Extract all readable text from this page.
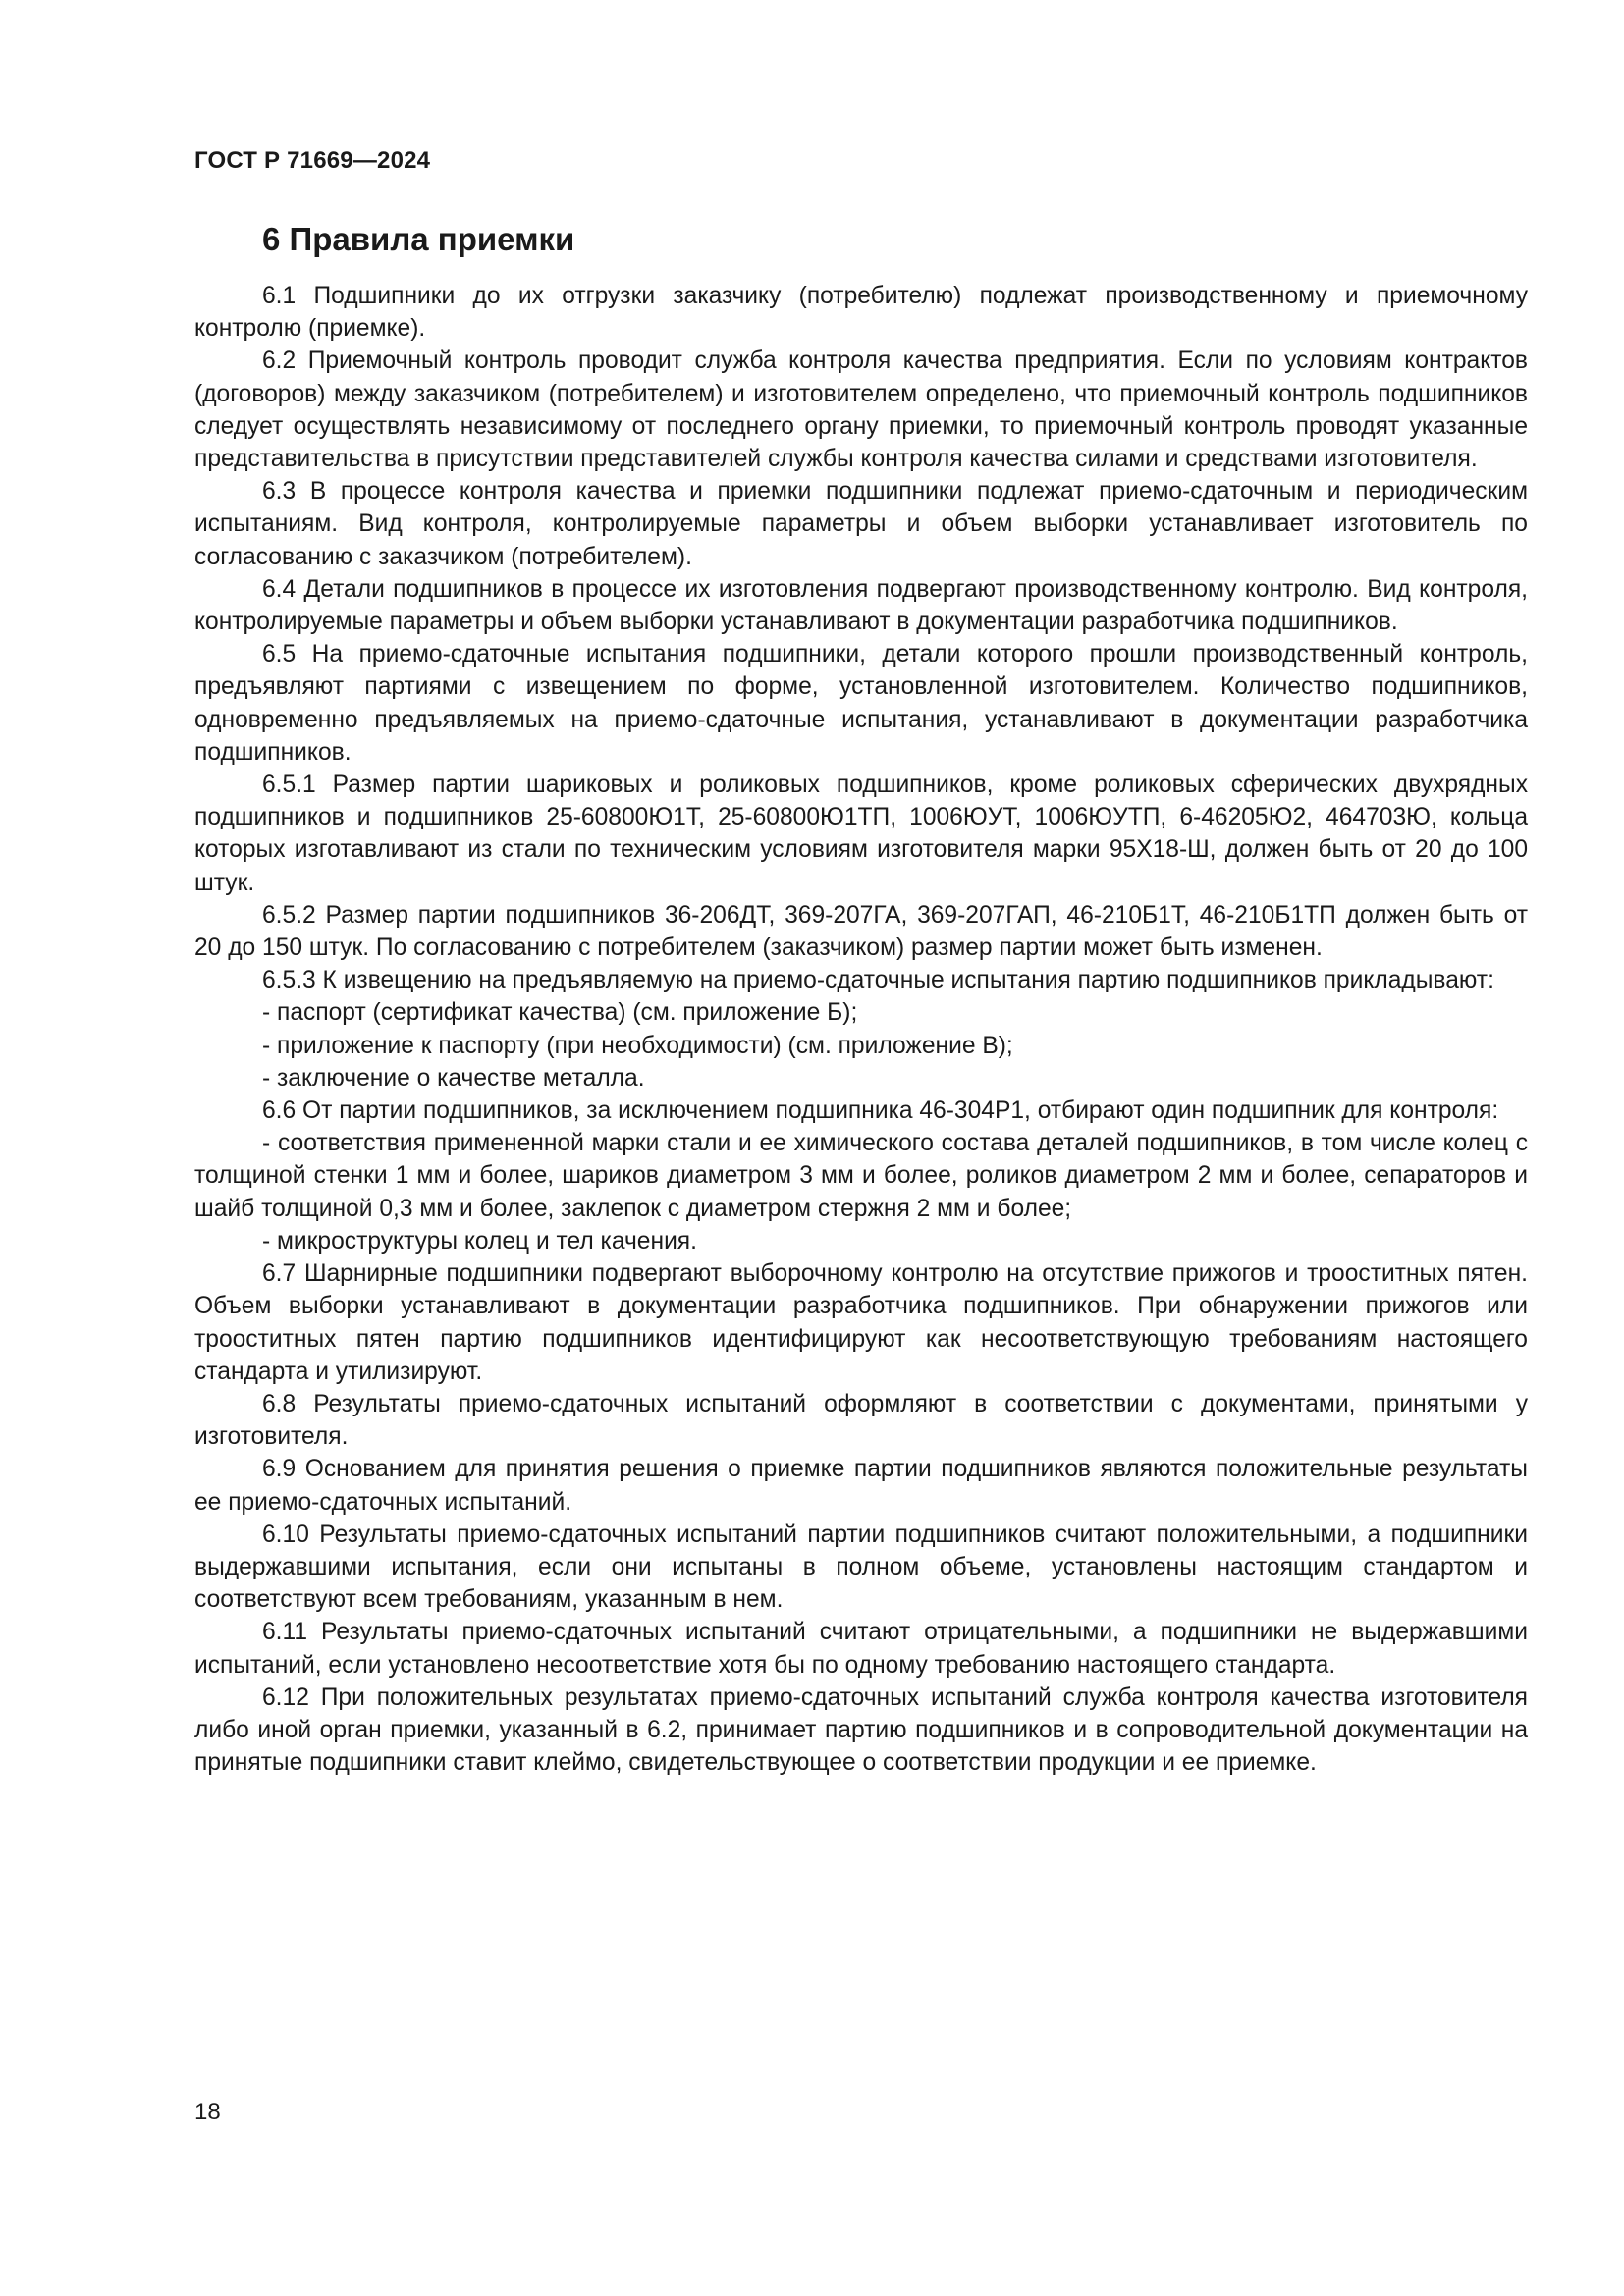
ГОСТ Р 71669—2024
6 Правила приемки

6.1 Подшипники до их отгрузки заказчику (потребителю) подлежат производственному и приемочному контролю (приемке).

6.2 Приемочный контроль проводит служба контроля качества предприятия. Если по условиям контрактов (договоров) между заказчиком (потребителем) и изготовителем определено, что приемочный контроль подшипников следует осуществлять независимому от последнего органу приемки, то приемочный контроль проводят указанные представительства в присутствии представителей службы контроля качества силами и средствами изготовителя.

6.3 В процессе контроля качества и приемки подшипники подлежат приемо-сдаточным и периодическим испытаниям. Вид контроля, контролируемые параметры и объем выборки устанавливает изготовитель по согласованию с заказчиком (потребителем).

6.4 Детали подшипников в процессе их изготовления подвергают производственному контролю. Вид контроля, контролируемые параметры и объем выборки устанавливают в документации разработчика подшипников.

6.5 На приемо-сдаточные испытания подшипники, детали которого прошли производственный контроль, предъявляют партиями с извещением по форме, установленной изготовителем. Количество подшипников, одновременно предъявляемых на приемо-сдаточные испытания, устанавливают в документации разработчика подшипников.

6.5.1 Размер партии шариковых и роликовых подшипников, кроме роликовых сферических двухрядных подшипников и подшипников 25-60800Ю1Т, 25-60800Ю1ТП, 1006ЮУТ, 1006ЮУТП, 6-46205Ю2, 464703Ю, кольца которых изготавливают из стали по техническим условиям изготовителя марки 95Х18-Ш, должен быть от 20 до 100 штук.

6.5.2 Размер партии подшипников 36-206ДТ, 369-207ГА, 369-207ГАП, 46-210Б1Т, 46-210Б1ТП должен быть от 20 до 150 штук. По согласованию с потребителем (заказчиком) размер партии может быть изменен.

6.5.3 К извещению на предъявляемую на приемо-сдаточные испытания партию подшипников прикладывают:

- паспорт (сертификат качества) (см. приложение Б);

- приложение к паспорту (при необходимости) (см. приложение В);

- заключение о качестве металла.

6.6 От партии подшипников, за исключением подшипника 46-304Р1, отбирают один подшипник для контроля:

- соответствия примененной марки стали и ее химического состава деталей подшипников, в том числе колец с толщиной стенки 1 мм и более, шариков диаметром 3 мм и более, роликов диаметром 2 мм и более, сепараторов и шайб толщиной 0,3 мм и более, заклепок с диаметром стержня 2 мм и более;

- микроструктуры колец и тел качения.

6.7 Шарнирные подшипники подвергают выборочному контролю на отсутствие прижогов и трооститных пятен. Объем выборки устанавливают в документации разработчика подшипников. При обнаружении прижогов или трооститных пятен партию подшипников идентифицируют как несоответствующую требованиям настоящего стандарта и утилизируют.

6.8 Результаты приемо-сдаточных испытаний оформляют в соответствии с документами, принятыми у изготовителя.

6.9 Основанием для принятия решения о приемке партии подшипников являются положительные результаты ее приемо-сдаточных испытаний.

6.10 Результаты приемо-сдаточных испытаний партии подшипников считают положительными, а подшипники выдержавшими испытания, если они испытаны в полном объеме, установлены настоящим стандартом и соответствуют всем требованиям, указанным в нем.

6.11 Результаты приемо-сдаточных испытаний считают отрицательными, а подшипники не выдержавшими испытаний, если установлено несоответствие хотя бы по одному требованию настоящего стандарта.

6.12 При положительных результатах приемо-сдаточных испытаний служба контроля качества изготовителя либо иной орган приемки, указанный в 6.2, принимает партию подшипников и в сопроводительной документации на принятые подшипники ставит клеймо, свидетельствующее о соответствии продукции и ее приемке.

18
